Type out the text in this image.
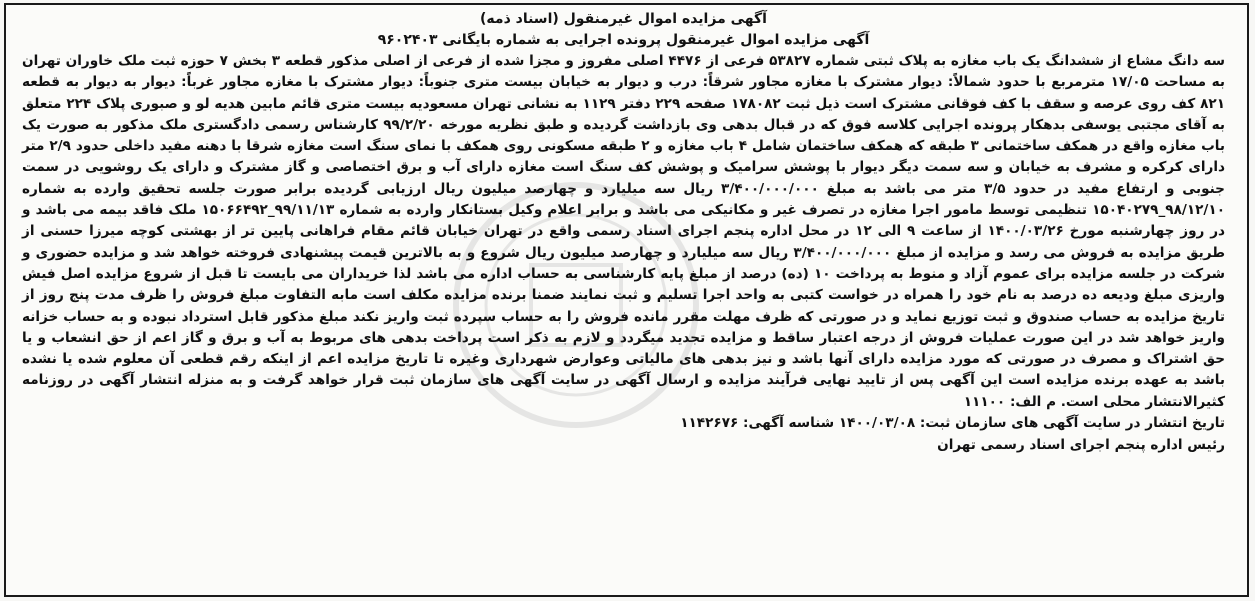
آگهی مزایده اموال غیرمنقول (اسناد ذمه)
آگهی مزایده اموال غیرمنقول پرونده اجرایی به شماره بایگانی ۹۶۰۲۴۰۳

سه دانگ مشاع از ششدانگ یک باب مغازه به پلاک ثبتی شماره ۵۳۸۲۷ فرعی از ۴۴۷۶ اصلی مفروز و مجزا شده از فرعی از اصلی مذکور قطعه ۳ بخش ۷ حوزه ثبت ملک خاوران تهران به مساحت ۱۷/۰۵ مترمربع با حدود شمالاً: دیوار مشترک با مغازه مجاور شرقاً: درب و دیوار به خیابان بیست متری جنوباً: دیوار مشترک با مغازه مجاور غرباً: دیوار به دیوار به قطعه ۸۲۱ کف روی عرصه و سقف با کف فوقانی مشترک است ذیل ثبت ۱۷۸۰۸۲ صفحه ۲۲۹ دفتر ۱۱۲۹ به نشانی تهران مسعودیه بیست متری قائم مابین هدیه لو و صبوری پلاک ۲۲۴ متعلق به آقای مجتبی یوسفی بدهکار پرونده اجرایی کلاسه فوق که در قبال بدهی وی بازداشت گردیده و طبق نظریه مورخه ۹۹/۲/۲۰ کارشناس رسمی دادگستری ملک مذکور به صورت یک باب مغازه واقع در همکف ساختمانی ۳ طبقه که همکف ساختمان شامل ۴ باب مغازه و ۲ طبقه مسکونی روی همکف با نمای سنگ است مغازه شرقا با دهنه مفید داخلی حدود ۲/۹ متر دارای کرکره و مشرف به خیابان و سه سمت دیگر دیوار با پوشش سرامیک و پوشش کف سنگ است مغازه دارای آب و برق اختصاصی و گاز مشترک و دارای یک روشویی در سمت جنوبی و ارتفاع مفید در حدود ۳/۵ متر می باشد به مبلغ ۳/۴۰۰/۰۰۰/۰۰۰ ریال سه میلیارد و چهارصد میلیون ریال ارزیابی گردیده برابر صورت جلسه تحقیق وارده به شماره ۹۸/۱۲/۱۰_۱۵۰۴۰۲۷۹ تنظیمی توسط مامور اجرا مغازه در تصرف غیر و مکانیکی می باشد و برابر اعلام وکیل بستانکار وارده به شماره ۹۹/۱۱/۱۳_۱۵۰۶۶۴۹۲ ملک فاقد بیمه می باشد و در روز چهارشنبه مورخ ۱۴۰۰/۰۳/۲۶ از ساعت ۹ الی ۱۲ در محل اداره پنجم اجرای اسناد رسمی واقع در تهران خیابان قائم مقام فراهانی پایین تر از بهشتی کوچه میرزا حسنی از طریق مزایده به فروش می رسد و مزایده از مبلغ ۳/۴۰۰/۰۰۰/۰۰۰ ریال سه میلیارد و چهارصد میلیون ریال شروع و به بالاترین قیمت پیشنهادی فروخته خواهد شد و مزایده حضوری و شرکت در جلسه مزایده برای عموم آزاد و منوط به پرداخت ۱۰ (ده) درصد از مبلغ پایه کارشناسی به حساب اداره می باشد لذا خریداران می بایست تا قبل از شروع مزایده اصل فیش واریزی مبلغ ودیعه ده درصد به نام خود را همراه در خواست کتبی به واحد اجرا تسلیم و ثبت نمایند ضمنا برنده مزایده مکلف است مابه التفاوت مبلغ فروش را ظرف مدت پنج روز از تاریخ مزایده به حساب صندوق و ثبت توزیع نماید و در صورتی که ظرف مهلت مقرر مانده فروش را به حساب سپرده ثبت واریز نکند مبلغ مذکور قابل استرداد نبوده و به حساب خزانه واریز خواهد شد در این صورت عملیات فروش از درجه اعتبار ساقط و مزایده تجدید میگردد و لازم به ذکر است پرداخت بدهی های مربوط به آب و برق و گاز اعم از حق انشعاب و یا حق اشتراک و مصرف در صورتی که مورد مزایده دارای آنها باشد و نیز بدهی های مالیاتی وعوارض شهرداری وغیره تا تاریخ مزایده اعم از اینکه رقم قطعی آن معلوم شده یا نشده باشد به عهده برنده مزایده است این آگهی پس از تایید نهایی فرآیند مزایده و ارسال آگهی در سایت آگهی های سازمان ثبت قرار خواهد گرفت و به منزله انتشار آگهی در روزنامه کثیرالانتشار محلی است. م الف: ۱۱۱۰۰

تاریخ انتشار در سایت آگهی های سازمان ثبت: ۱۴۰۰/۰۳/۰۸ شناسه آگهی: ۱۱۴۲۶۷۶
رئیس اداره پنجم اجرای اسناد رسمی تهران
